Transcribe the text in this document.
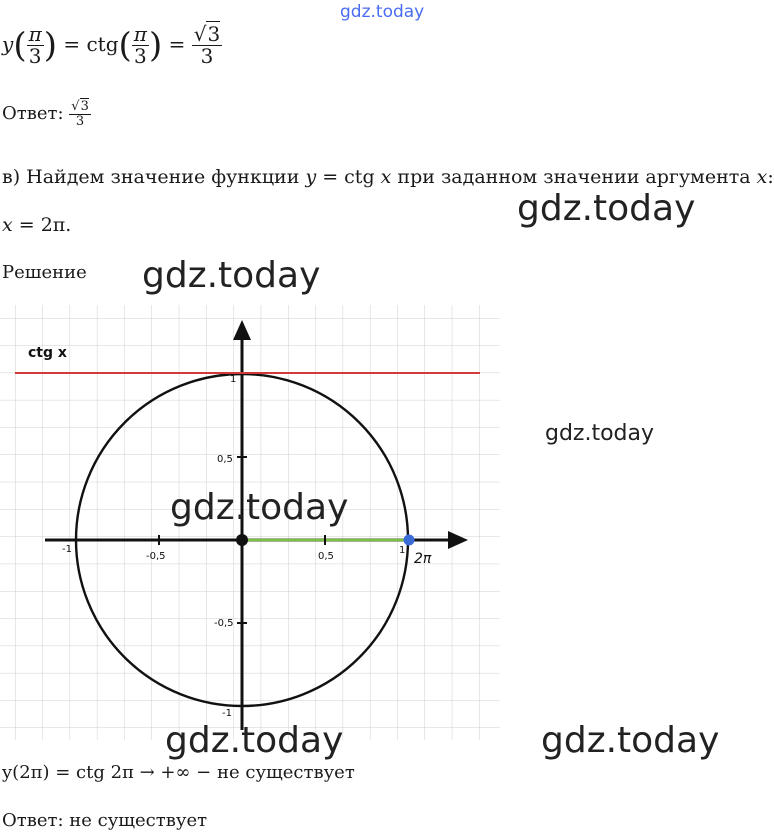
gdz.today
$y( \frac{\pi}{3}$ ) = $ctg( \frac{\pi}{3}$ ) = $\frac{√3}{3}$
Ответ: $\frac{√3}{3}$
в) Найдем значение функции y = ctg x при заданном значении аргумента x:
x = 2π.	gdz.today
Решение gdz.today
ctg x
1
0,5
-1
-0,5	0,5
1
-0,5
-1
2π
gdz.today
gdz.today
gdz.today	gdz.today
y(2π) = ctg 2π → +∞ − не существует
Ответ: не существует
